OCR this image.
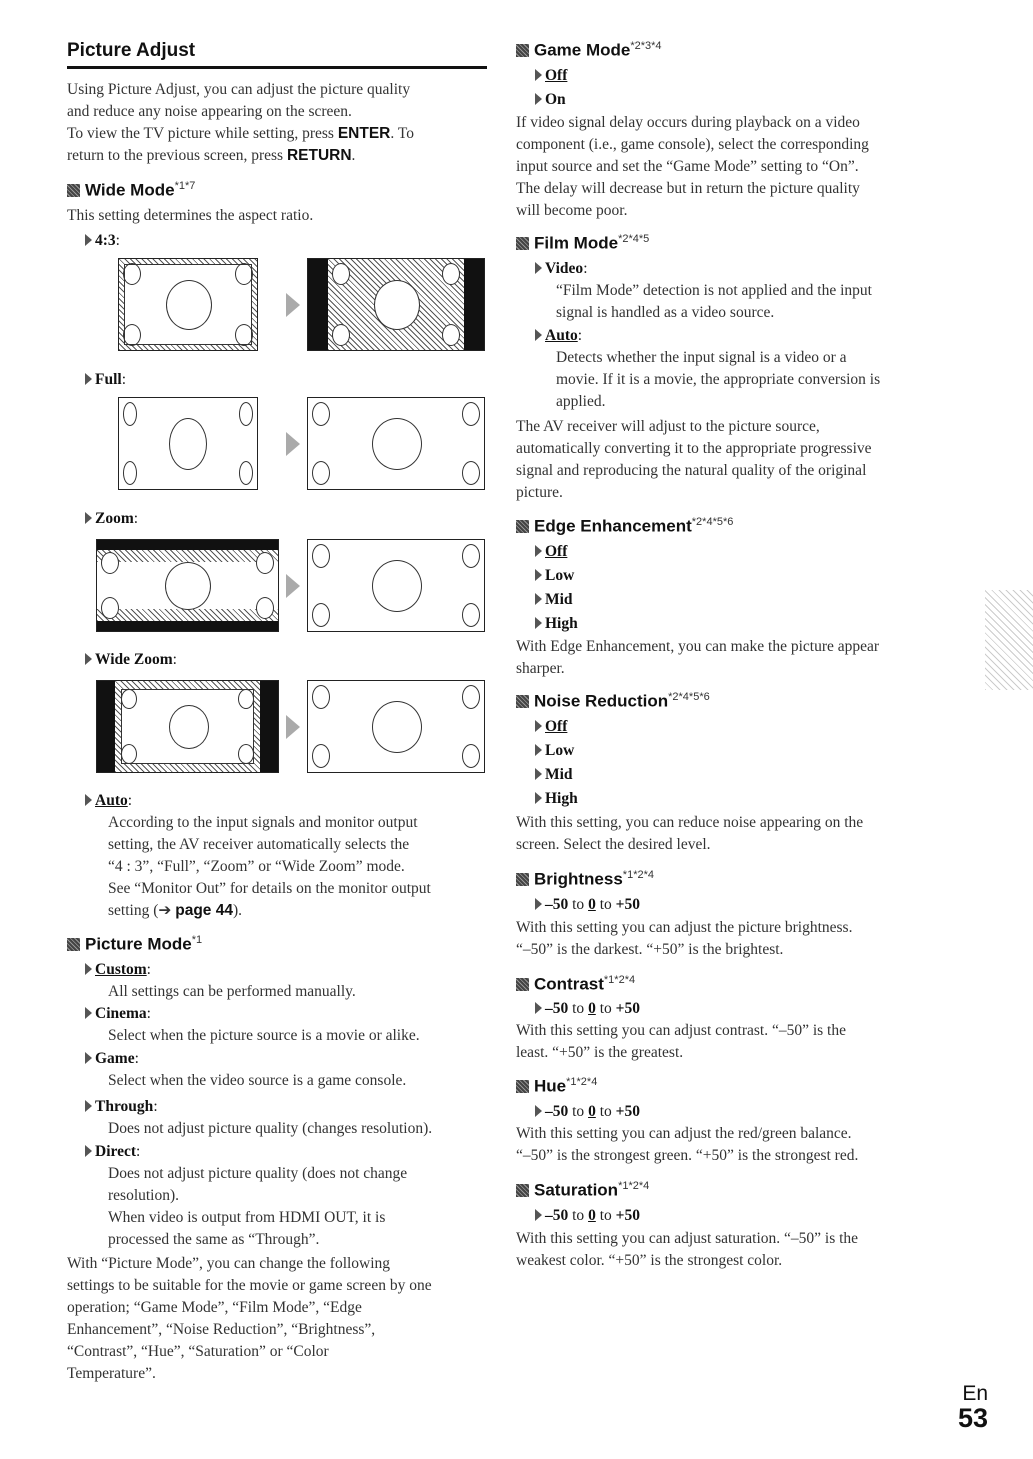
Picture Adjust
Using Picture Adjust, you can adjust the picture quality
and reduce any noise appearing on the screen.
To view the TV picture while setting, press ENTER. To
return to the previous screen, press RETURN.
Wide Mode$^{*1*7}$
This setting determines the aspect ratio.
4:3:
Full:
Zoom:
Wide Zoom:
Auto:
According to the input signals and monitor output
setting, the AV receiver automatically selects the
“4 : 3”, “Full”, “Zoom” or “Wide Zoom” mode.
See “Monitor Out” for details on the monitor output
setting (➔ page 44).
Picture Mode$^{*1}$
Custom:
All settings can be performed manually.
Cinema:
Select when the picture source is a movie or alike.
Game:
Select when the video source is a game console.
Through:
Does not adjust picture quality (changes resolution).
Direct:
Does not adjust picture quality (does not change
resolution).
When video is output from HDMI OUT, it is
processed the same as “Through”.
With “Picture Mode”, you can change the following
settings to be suitable for the movie or game screen by one
operation; “Game Mode”, “Film Mode”, “Edge
Enhancement”, “Noise Reduction”, “Brightness”,
“Contrast”, “Hue”, “Saturation” or “Color
Temperature”.
Game Mode$^{*2*3*4}$
Off
On
If video signal delay occurs during playback on a video
component (i.e., game console), select the corresponding
input source and set the “Game Mode” setting to “On”.
The delay will decrease but in return the picture quality
will become poor.
Film Mode$^{*2*4*5}$
Video:
“Film Mode” detection is not applied and the input
signal is handled as a video source.
Auto:
Detects whether the input signal is a video or a
movie. If it is a movie, the appropriate conversion is
applied.
The AV receiver will adjust to the picture source,
automatically converting it to the appropriate progressive
signal and reproducing the natural quality of the original
picture.
Edge Enhancement$^{*2*4*5*6}$
Off
Low
Mid
High
With Edge Enhancement, you can make the picture appear
sharper.
Noise Reduction$^{*2*4*5*6}$
Off
Low
Mid
High
With this setting, you can reduce noise appearing on the
screen. Select the desired level.
Brightness$^{*1*2*4}$
–50 to 0 to +50
With this setting you can adjust the picture brightness.
“–50” is the darkest. “+50” is the brightest.
Contrast$^{*1*2*4}$
–50 to 0 to +50
With this setting you can adjust contrast. “–50” is the
least. “+50” is the greatest.
Hue$^{*1*2*4}$
–50 to 0 to +50
With this setting you can adjust the red/green balance.
“–50” is the strongest green. “+50” is the strongest red.
Saturation$^{*1*2*4}$
–50 to 0 to +50
With this setting you can adjust saturation. “–50” is the
weakest color. “+50” is the strongest color.
En
53
